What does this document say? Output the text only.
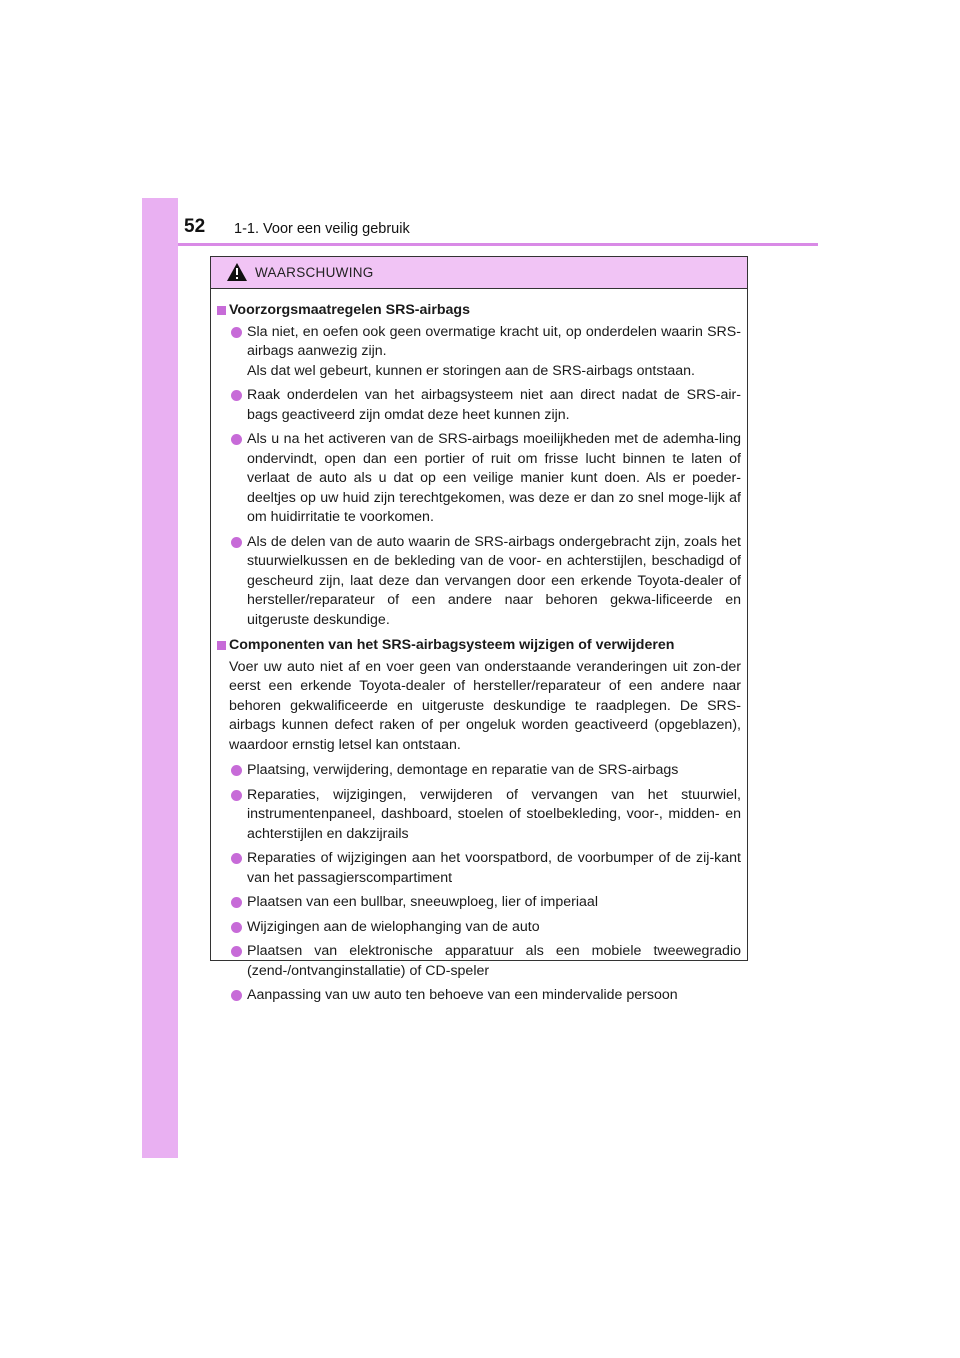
52 1-1. Voor een veilig gebruik
WAARSCHUWING
Voorzorgsmaatregelen SRS-airbags
Sla niet, en oefen ook geen overmatige kracht uit, op onderdelen waarin SRS-airbags aanwezig zijn.
Als dat wel gebeurt, kunnen er storingen aan de SRS-airbags ontstaan.
Raak onderdelen van het airbagsysteem niet aan direct nadat de SRS-air-bags geactiveerd zijn omdat deze heet kunnen zijn.
Als u na het activeren van de SRS-airbags moeilijkheden met de ademha-ling ondervindt, open dan een portier of ruit om frisse lucht binnen te laten of verlaat de auto als u dat op een veilige manier kunt doen. Als er poeder-deeltjes op uw huid zijn terechtgekomen, was deze er dan zo snel moge-lijk af om huidirritatie te voorkomen.
Als de delen van de auto waarin de SRS-airbags ondergebracht zijn, zoals het stuurwielkussen en de bekleding van de voor- en achterstijlen, beschadigd of gescheurd zijn, laat deze dan vervangen door een erkende Toyota-dealer of hersteller/reparateur of een andere naar behoren gekwa-lificeerde en uitgeruste deskundige.
Componenten van het SRS-airbagsysteem wijzigen of verwijderen

Voer uw auto niet af en voer geen van onderstaande veranderingen uit zon-der eerst een erkende Toyota-dealer of hersteller/reparateur of een andere naar behoren gekwalificeerde en uitgeruste deskundige te raadplegen. De SRS-airbags kunnen defect raken of per ongeluk worden geactiveerd (opgeblazen), waardoor ernstig letsel kan ontstaan.

Plaatsing, verwijdering, demontage en reparatie van de SRS-airbags
Reparaties, wijzigingen, verwijderen of vervangen van het stuurwiel, instrumentenpaneel, dashboard, stoelen of stoelbekleding, voor-, midden- en achterstijlen en dakzijrails
Reparaties of wijzigingen aan het voorspatbord, de voorbumper of de zij-kant van het passagierscompartiment
Plaatsen van een bullbar, sneeuwploeg, lier of imperiaal
Wijzigingen aan de wielophanging van de auto
Plaatsen van elektronische apparatuur als een mobiele tweewegradio (zend-/ontvanginstallatie) of CD-speler
Aanpassing van uw auto ten behoeve van een mindervalide persoon
